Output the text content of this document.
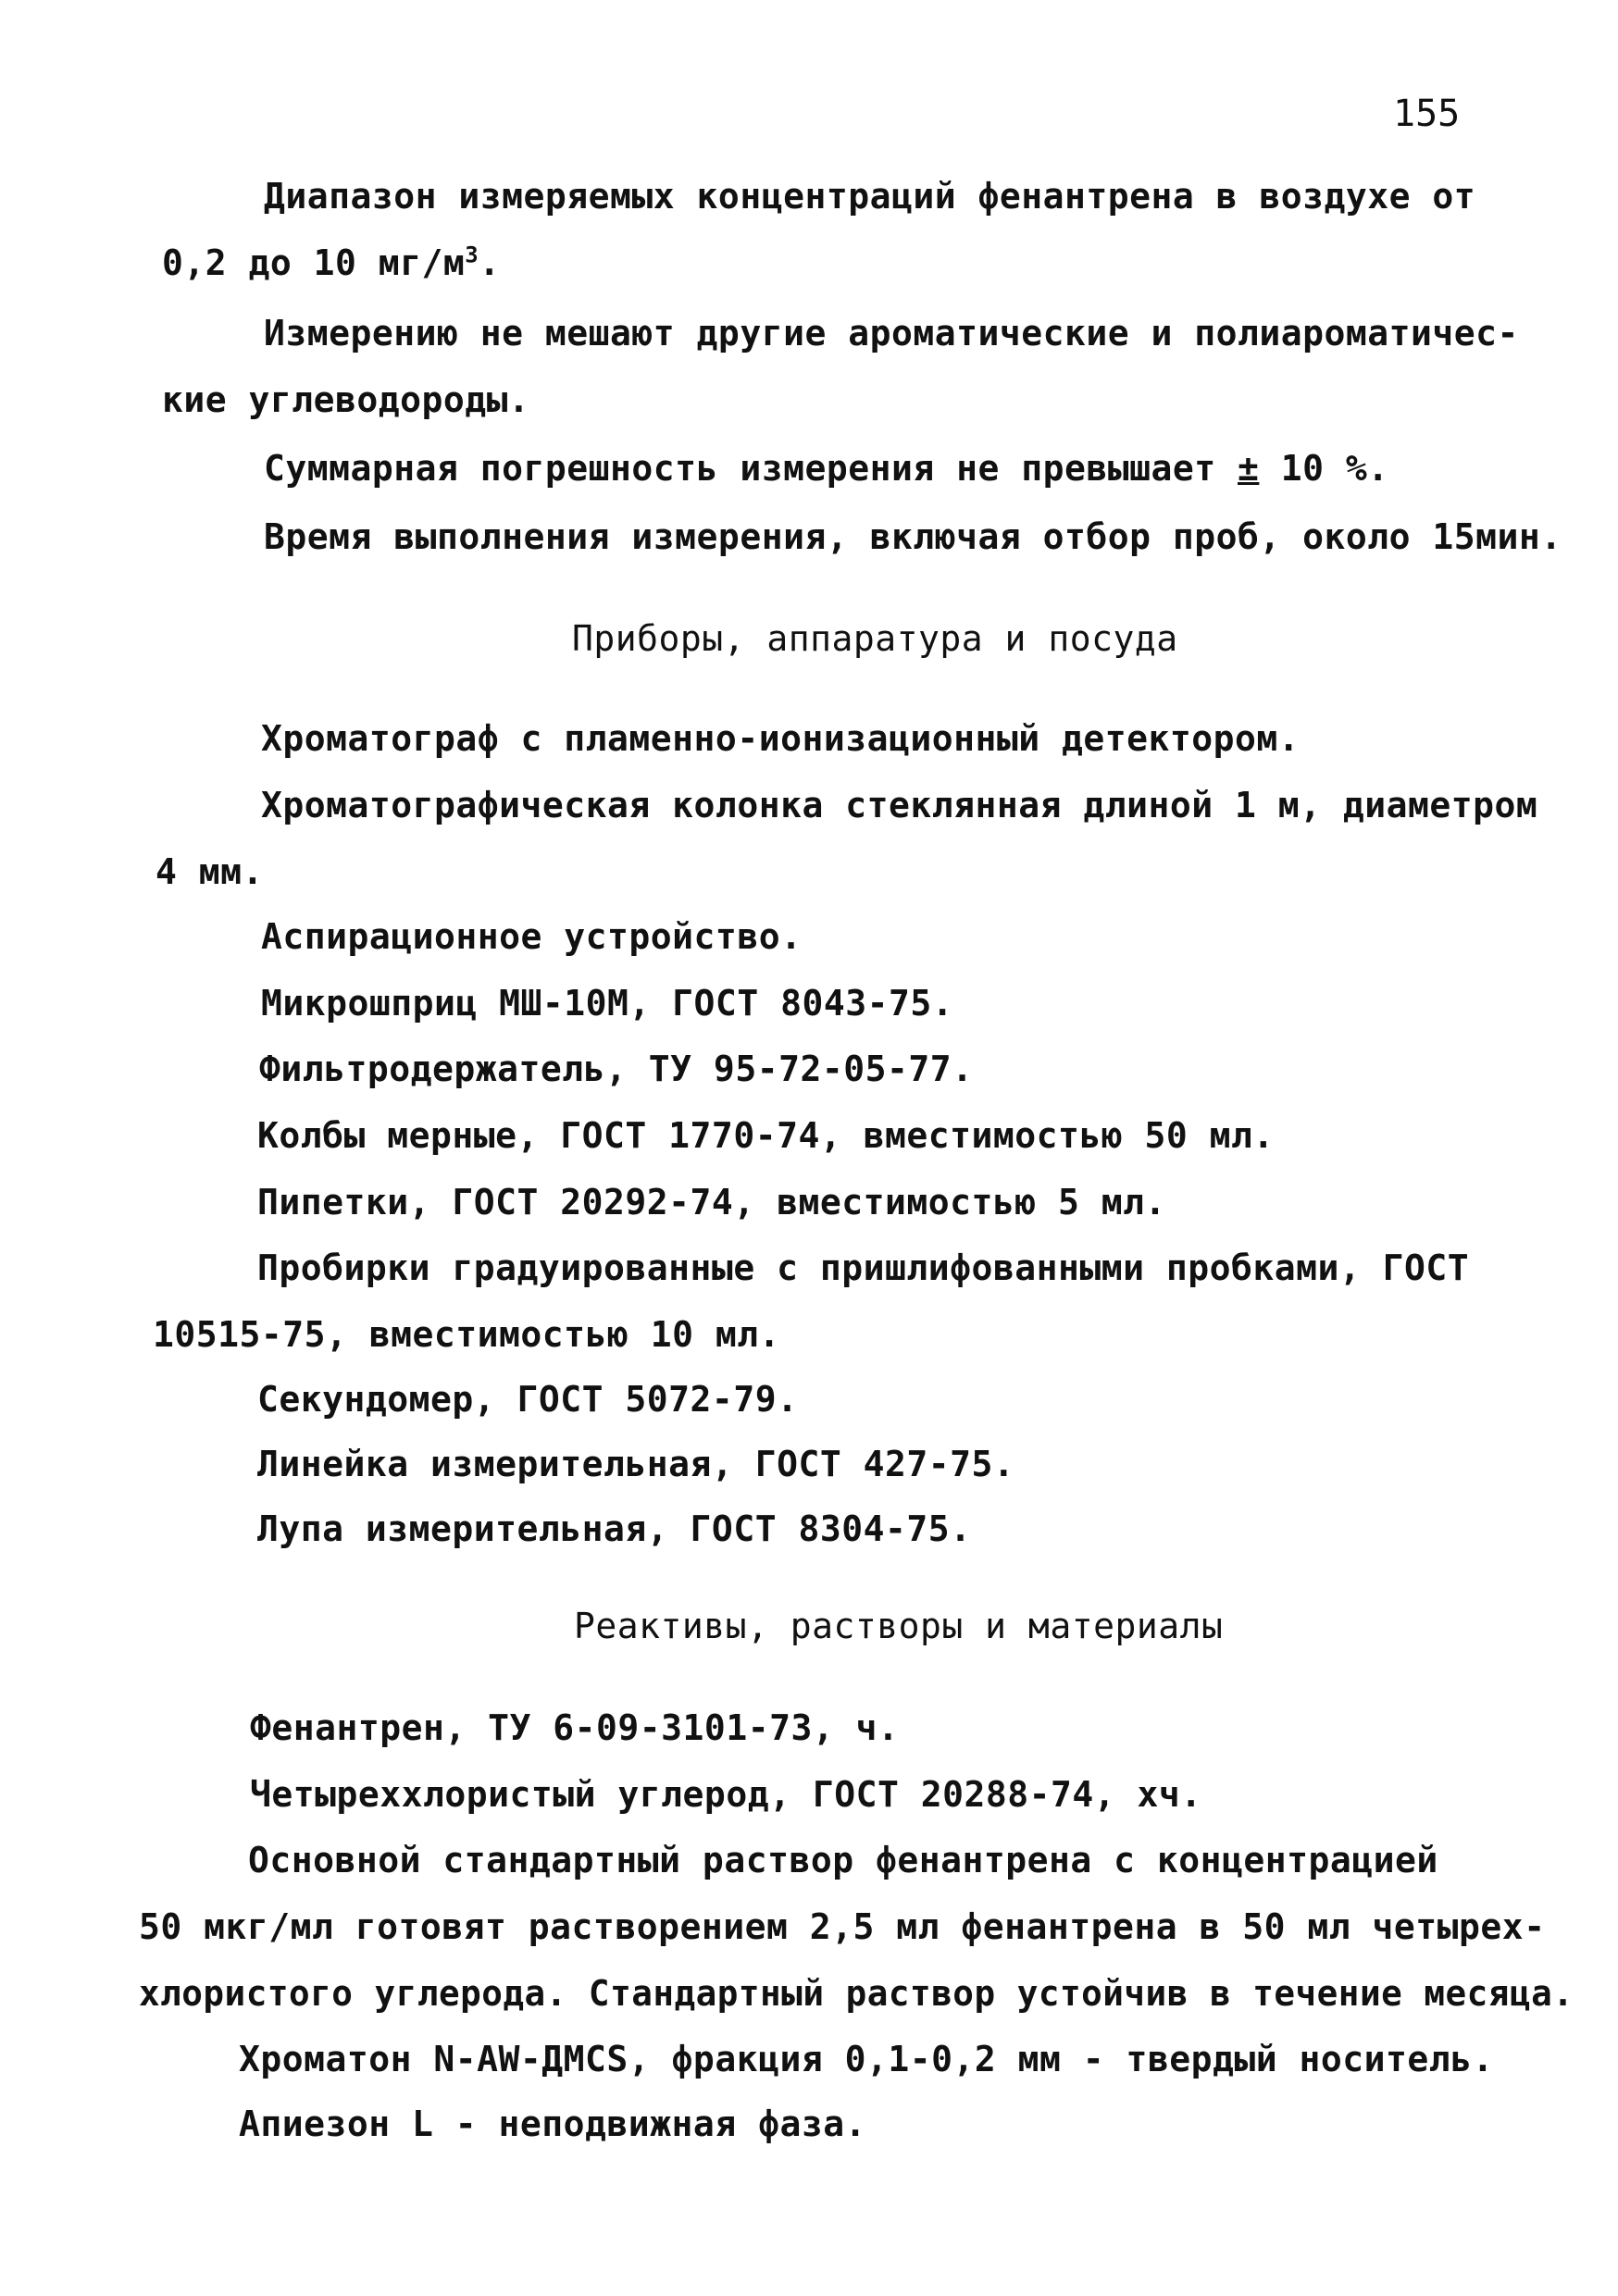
155
Диапазон измеряемых концентраций фенантрена в воздухе от
0,2 до 10 $мг/м^3$.
Измерению не мешают другие ароматические и полиароматичес-
кие углеводороды.
Суммарная погрешность измерения не превышает ± 10 %.
Время выполнения измерения, включая отбор проб, около 15мин.
Приборы, аппаратура и посуда
Хроматограф с пламенно-ионизационный детектором.
Хроматографическая колонка стеклянная длиной 1 м, диаметром
4 мм.
Аспирационное устройство.
Микрошприц МШ-10М, ГОСТ 8043-75.
Фильтродержатель, ТУ 95-72-05-77.
Колбы мерные, ГОСТ 1770-74, вместимостью 50 мл.
Пипетки, ГОСТ 20292-74, вместимостью 5 мл.
Пробирки градуированные с пришлифованными пробками, ГОСТ
10515-75, вместимостью 10 мл.
Секундомер, ГОСТ 5072-79.
Линейка измерительная, ГОСТ 427-75.
Лупа измерительная, ГОСТ 8304-75.
Реактивы, растворы и материалы
Фенантрен, ТУ 6-09-3101-73, ч.
Четыреххлористый углерод, ГОСТ 20288-74, хч.
Основной стандартный раствор фенантрена с концентрацией
50 мкг/мл готовят растворением 2,5 мл фенантрена в 50 мл четырех-
хлористого углерода. Стандартный раствор устойчив в течение месяца.
Хроматон N-AW-ДМСS, фракция 0,1-0,2 мм - твердый носитель.
Апиезон L - неподвижная фаза.
